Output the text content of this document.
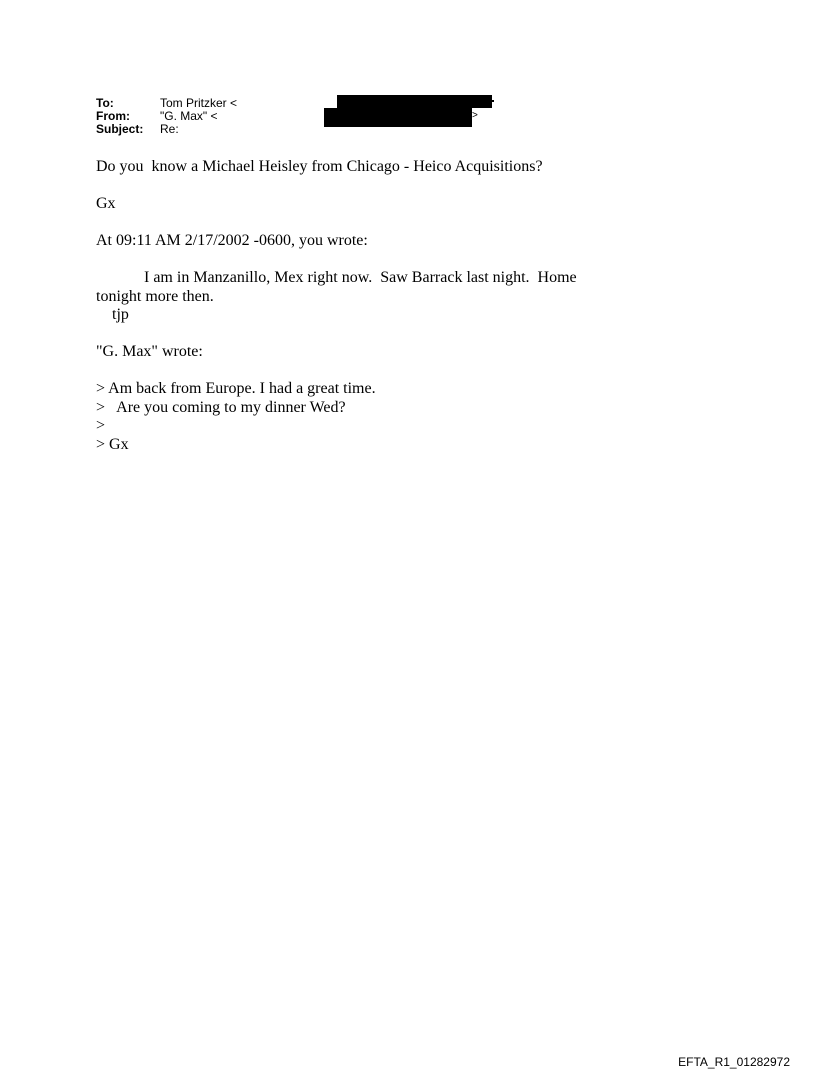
To:	Tom Pritzker <
From:	"G. Max" <
Subject:	Re:
>

Do you  know a Michael Heisley from Chicago - Heico Acquisitions?

Gx

At 09:11 AM 2/17/2002 -0600, you wrote:

I am in Manzanillo, Mex right now.  Saw Barrack last night.  Home

tonight more then.

tjp

"G. Max" wrote:

> Am back from Europe. I had a great time.

>   Are you coming to my dinner Wed?

>

> Gx

EFTA_R1_01282972
